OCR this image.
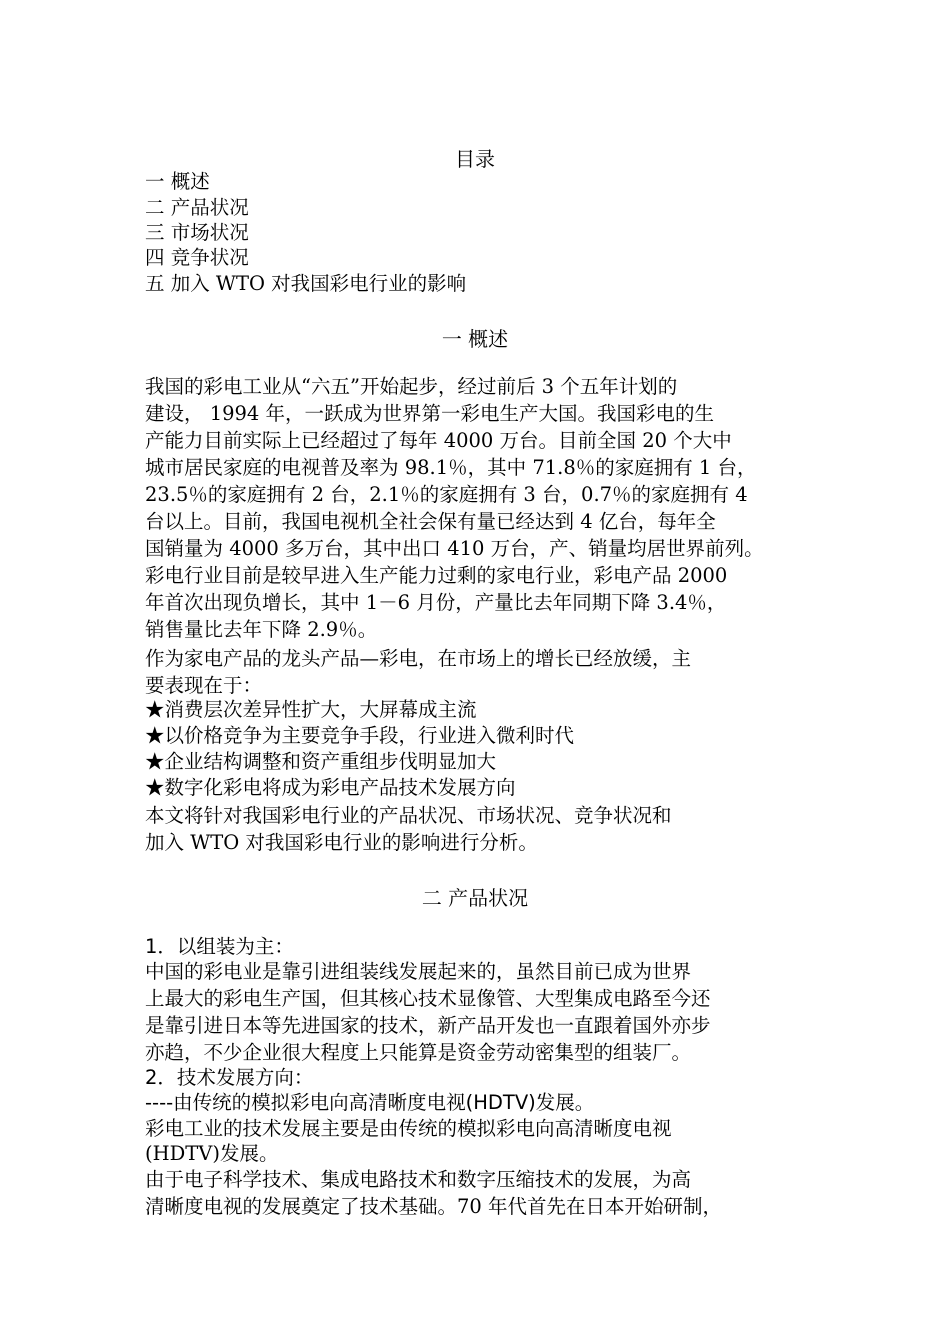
目录
一 概述
二 产品状况
三 市场状况
四 竞争状况
五 加入 WTO 对我国彩电行业的影响
一 概述
我国的彩电工业从“六五”开始起步，经过前后 3 个五年计划的
建设， 1994 年，一跃成为世界第一彩电生产大国。我国彩电的生
产能力目前实际上已经超过了每年 4000 万台。目前全国 20 个大中
城市居民家庭的电视普及率为 98.1％，其中 71.8％的家庭拥有 1 台，
23.5％的家庭拥有 2 台，2.1％的家庭拥有 3 台，0.7％的家庭拥有 4
台以上。目前，我国电视机全社会保有量已经达到 4 亿台，每年全
国销量为 4000 多万台，其中出口 410 万台，产、销量均居世界前列。
彩电行业目前是较早进入生产能力过剩的家电行业，彩电产品 2000
年首次出现负增长，其中 1－6 月份，产量比去年同期下降 3.4％，
销售量比去年下降 2.9％。
作为家电产品的龙头产品—彩电，在市场上的增长已经放缓，主
要表现在于：
★消费层次差异性扩大，大屏幕成主流
★以价格竞争为主要竞争手段，行业进入微利时代
★企业结构调整和资产重组步伐明显加大
★数字化彩电将成为彩电产品技术发展方向
本文将针对我国彩电行业的产品状况、市场状况、竞争状况和
加入 WTO 对我国彩电行业的影响进行分析。
二 产品状况
1．以组装为主：
中国的彩电业是靠引进组装线发展起来的，虽然目前已成为世界
上最大的彩电生产国，但其核心技术显像管、大型集成电路至今还
是靠引进日本等先进国家的技术，新产品开发也一直跟着国外亦步
亦趋，不少企业很大程度上只能算是资金劳动密集型的组装厂。
2．技术发展方向：
----由传统的模拟彩电向高清晰度电视(HDTV)发展。
彩电工业的技术发展主要是由传统的模拟彩电向高清晰度电视
(HDTV)发展。
由于电子科学技术、集成电路技术和数字压缩技术的发展，为高
清晰度电视的发展奠定了技术基础。70 年代首先在日本开始研制，
